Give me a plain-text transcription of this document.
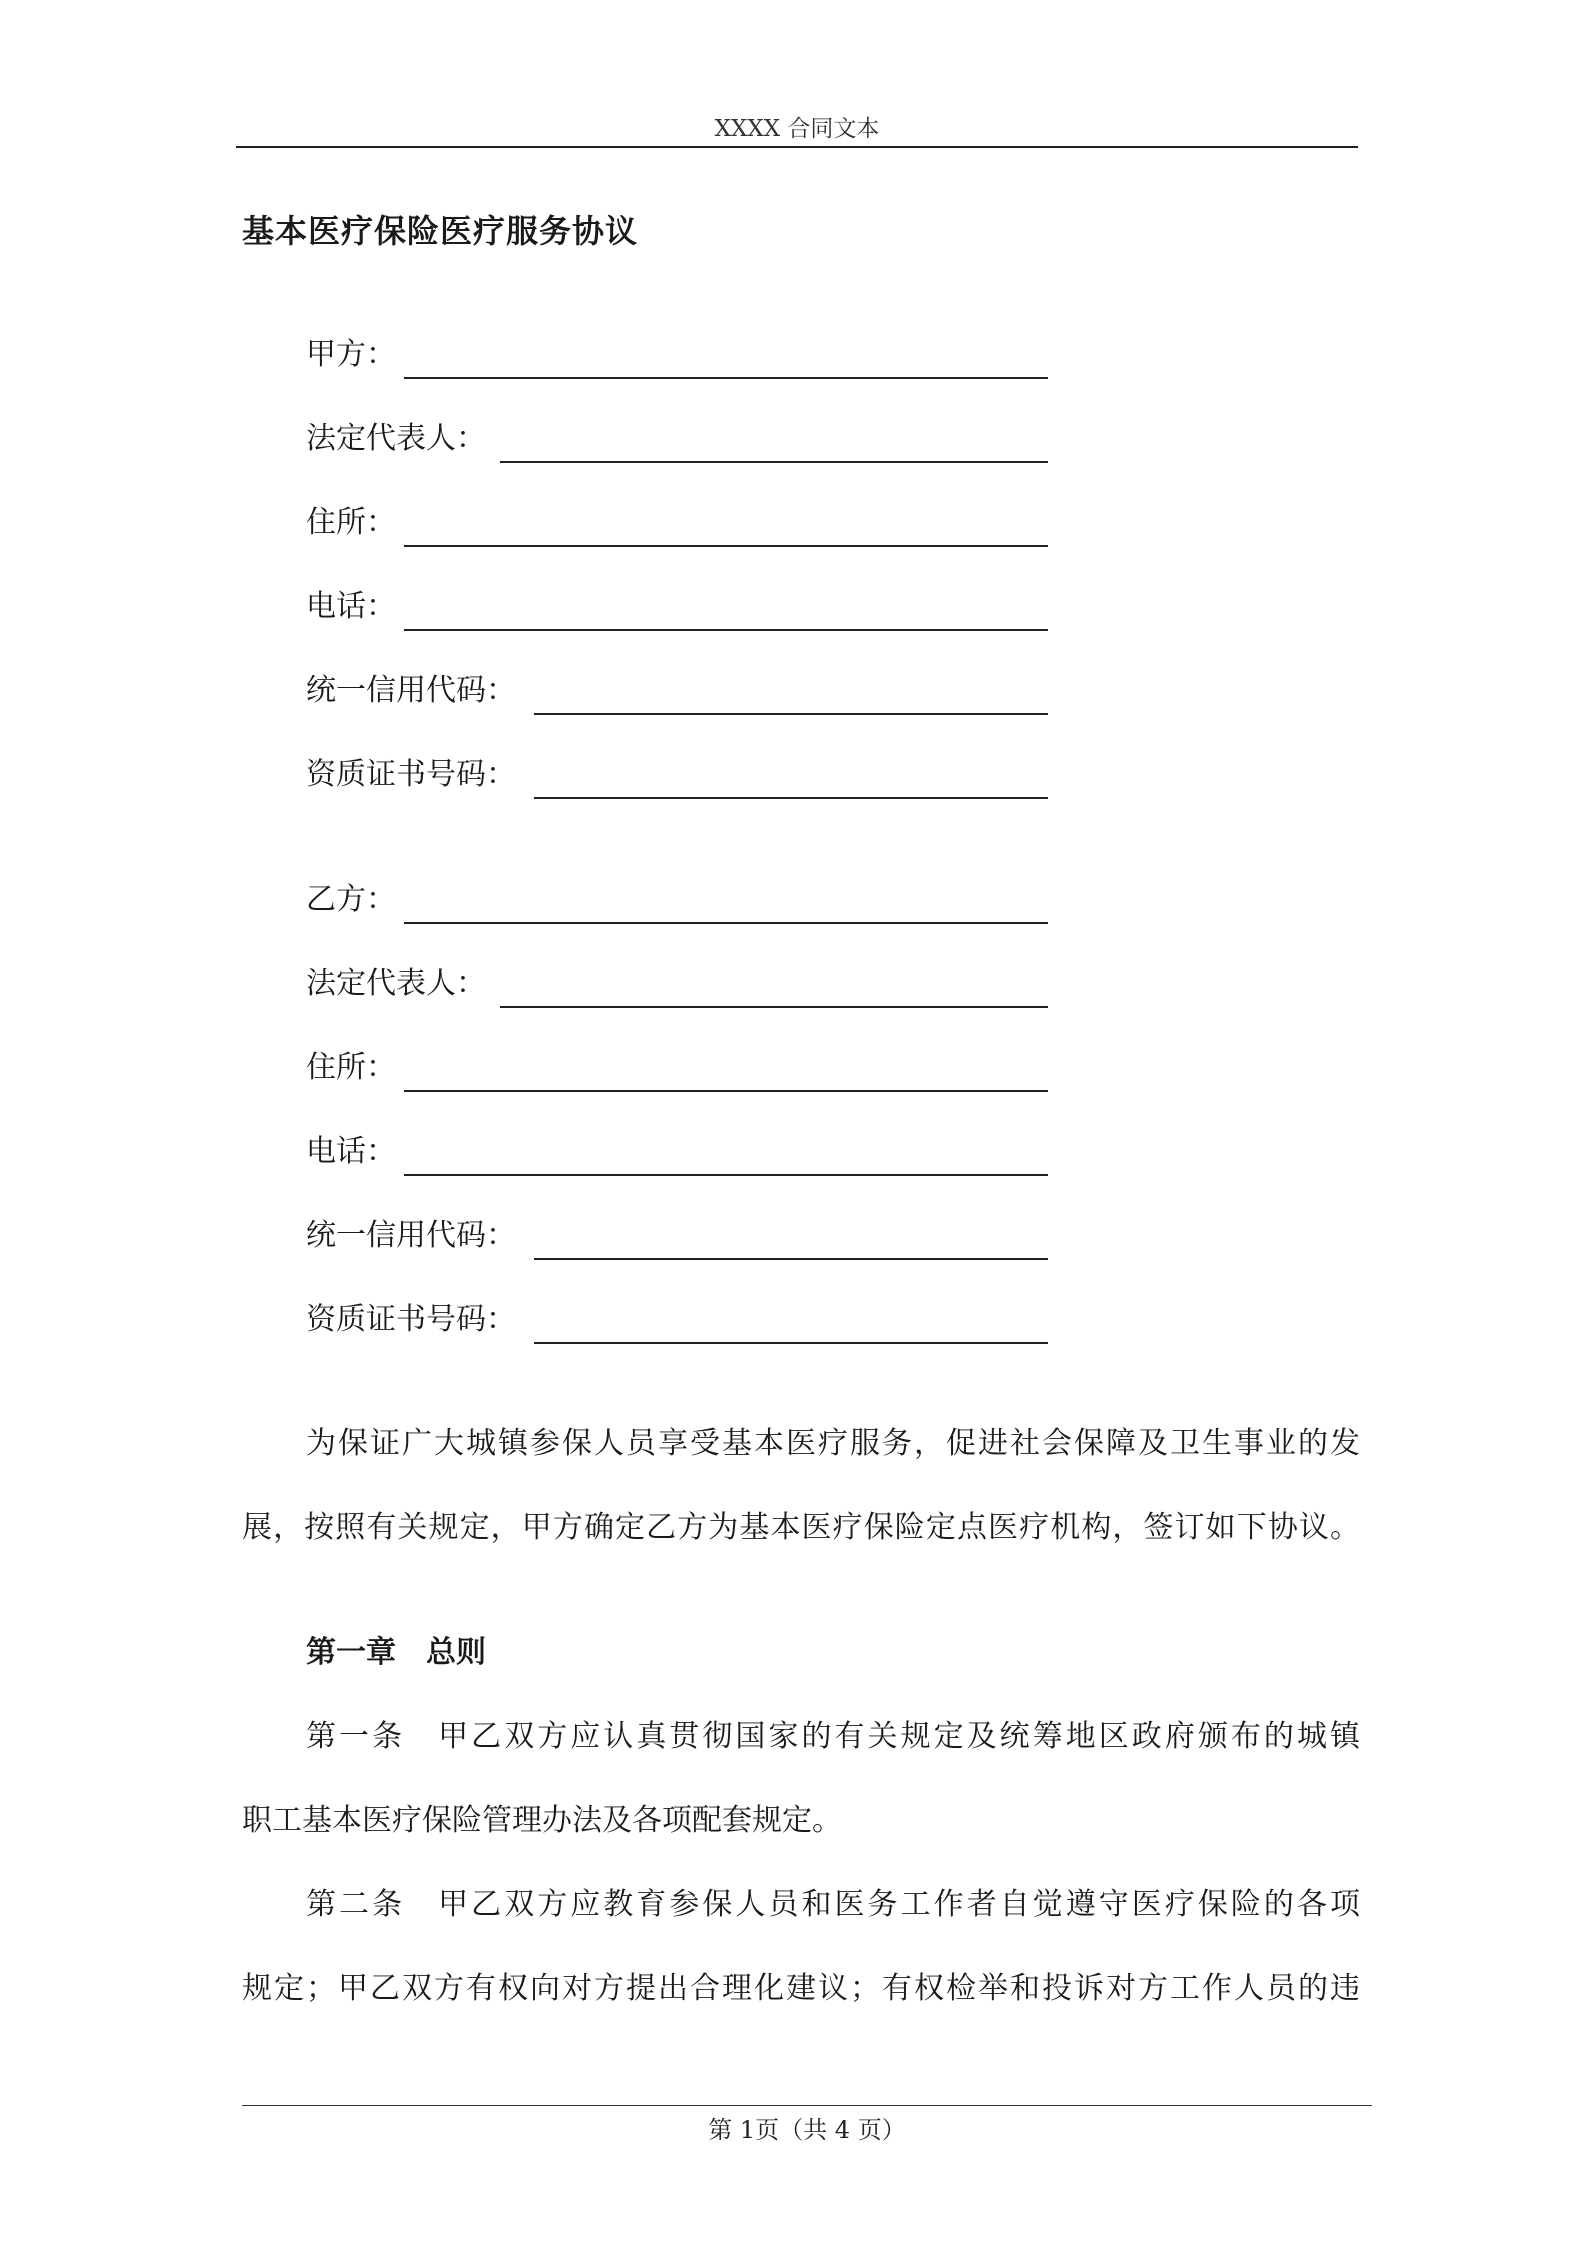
XXXX 合同文本
基本医疗保险医疗服务协议
甲方：
法定代表人：
住所：
电话：
统一信用代码：
资质证书号码：
乙方：
法定代表人：
住所：
电话：
统一信用代码：
资质证书号码：
为保证广大城镇参保人员享受基本医疗服务，促进社会保障及卫生事业的发
展，按照有关规定，甲方确定乙方为基本医疗保险定点医疗机构，签订如下协议。
第一章　总则
第一条　甲乙双方应认真贯彻国家的有关规定及统筹地区政府颁布的城镇
职工基本医疗保险管理办法及各项配套规定。
第二条　甲乙双方应教育参保人员和医务工作者自觉遵守医疗保险的各项
规定；甲乙双方有权向对方提出合理化建议；有权检举和投诉对方工作人员的违
第 1页（共 4 页）
